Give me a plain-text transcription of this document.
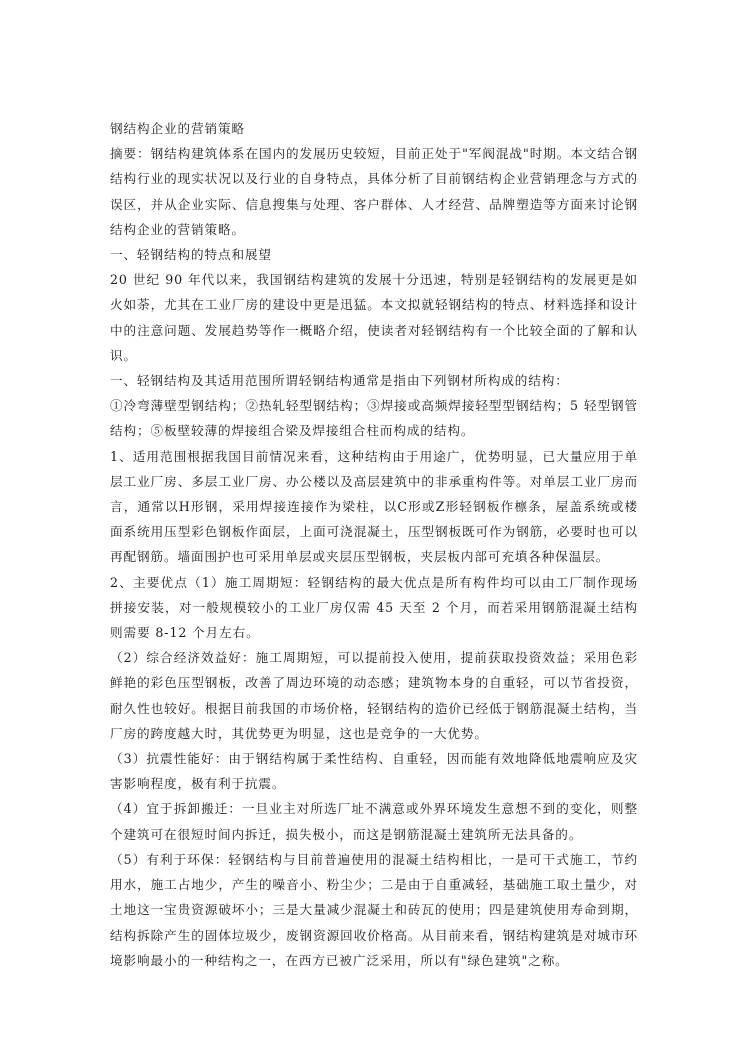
钢结构企业的营销策略

摘要：钢结构建筑体系在国内的发展历史较短，目前正处于"军阀混战"时期。本文结合钢结构行业的现实状况以及行业的自身特点，具体分析了目前钢结构企业营销理念与方式的误区，并从企业实际、信息搜集与处理、客户群体、人才经营、品牌塑造等方面来讨论钢结构企业的营销策略。

一、轻钢结构的特点和展望

20 世纪 90 年代以来，我国钢结构建筑的发展十分迅速，特别是轻钢结构的发展更是如火如荼，尤其在工业厂房的建设中更是迅猛。本文拟就轻钢结构的特点、材料选择和设计中的注意问题、发展趋势等作一概略介绍，使读者对轻钢结构有一个比较全面的了解和认识。

一、轻钢结构及其适用范围所谓轻钢结构通常是指由下列钢材所构成的结构：

①冷弯薄壁型钢结构；②热轧轻型钢结构；③焊接或高频焊接轻型型钢结构；5 轻型钢管结构；⑤板壁较薄的焊接组合梁及焊接组合柱而构成的结构。

1、适用范围根据我国目前情况来看，这种结构由于用途广，优势明显，已大量应用于单层工业厂房、多层工业厂房、办公楼以及高层建筑中的非承重构件等。对单层工业厂房而言，通常以H形钢，采用焊接连接作为梁柱，以C形或Z形轻钢板作檩条，屋盖系统或楼面系统用压型彩色钢板作面层，上面可浇混凝土，压型钢板既可作为钢筋，必要时也可以再配钢筋。墙面围护也可采用单层或夹层压型钢板，夹层板内部可充填各种保温层。

2、主要优点（1）施工周期短：轻钢结构的最大优点是所有构件均可以由工厂制作现场拼接安装，对一般规模较小的工业厂房仅需 45 天至 2 个月，而若采用钢筋混凝土结构则需要 8-12 个月左右。

（2）综合经济效益好：施工周期短，可以提前投入使用，提前获取投资效益；采用色彩鲜艳的彩色压型钢板，改善了周边环境的动态感；建筑物本身的自重轻，可以节省投资，耐久性也较好。根据目前我国的市场价格，轻钢结构的造价已经低于钢筋混凝土结构，当厂房的跨度越大时，其优势更为明显，这也是竞争的一大优势。

（3）抗震性能好：由于钢结构属于柔性结构、自重轻，因而能有效地降低地震响应及灾害影响程度，极有利于抗震。

（4）宜于拆卸搬迁：一旦业主对所选厂址不满意或外界环境发生意想不到的变化，则整个建筑可在很短时间内拆迁，损失极小，而这是钢筋混凝土建筑所无法具备的。

（5）有利于环保：轻钢结构与目前普遍使用的混凝土结构相比，一是可干式施工，节约用水，施工占地少，产生的噪音小、粉尘少；二是由于自重减轻，基础施工取土量少，对土地这一宝贵资源破坏小；三是大量减少混凝土和砖瓦的使用；四是建筑使用寿命到期，结构拆除产生的固体垃圾少，废钢资源回收价格高。从目前来看，钢结构建筑是对城市环境影响最小的一种结构之一，在西方已被广泛采用，所以有"绿色建筑"之称。
